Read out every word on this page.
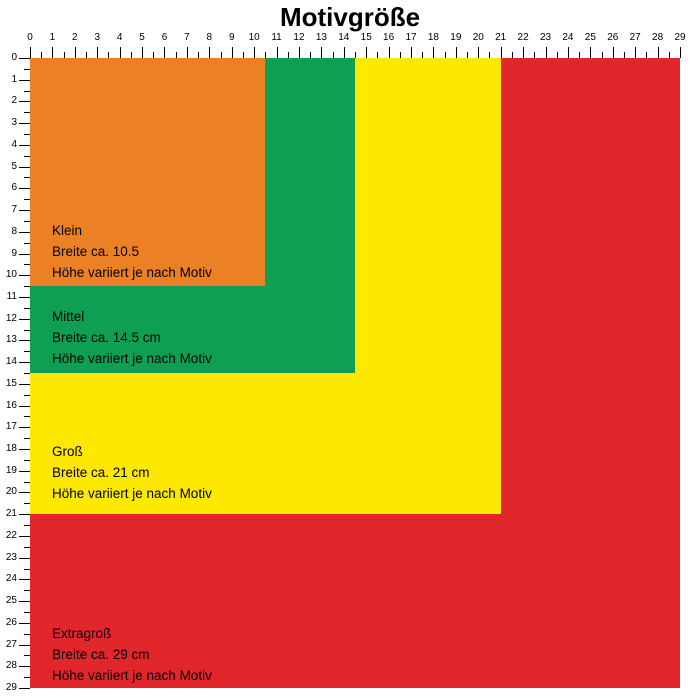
Motivgröße
0 1 2 3 4 5 6 7 8 9 10 11 12 13 14 15 16 17 18 19 20 21 22 23 24 25 26 27 28 29
0
1
2
3
4
5
6
7
8
9
10
11
12
13
14
15
16
17
18
19
20
21
22
23
24
25
26
27
28
29
Klein
Breite ca. 10.5
Höhe variiert je nach Motiv
Mittel
Breite ca. 14.5 cm
Höhe variiert je nach Motiv
Groß
Breite ca. 21 cm
Höhe variiert je nach Motiv
Extragroß
Breite ca. 29 cm
Höhe variiert je nach Motiv
